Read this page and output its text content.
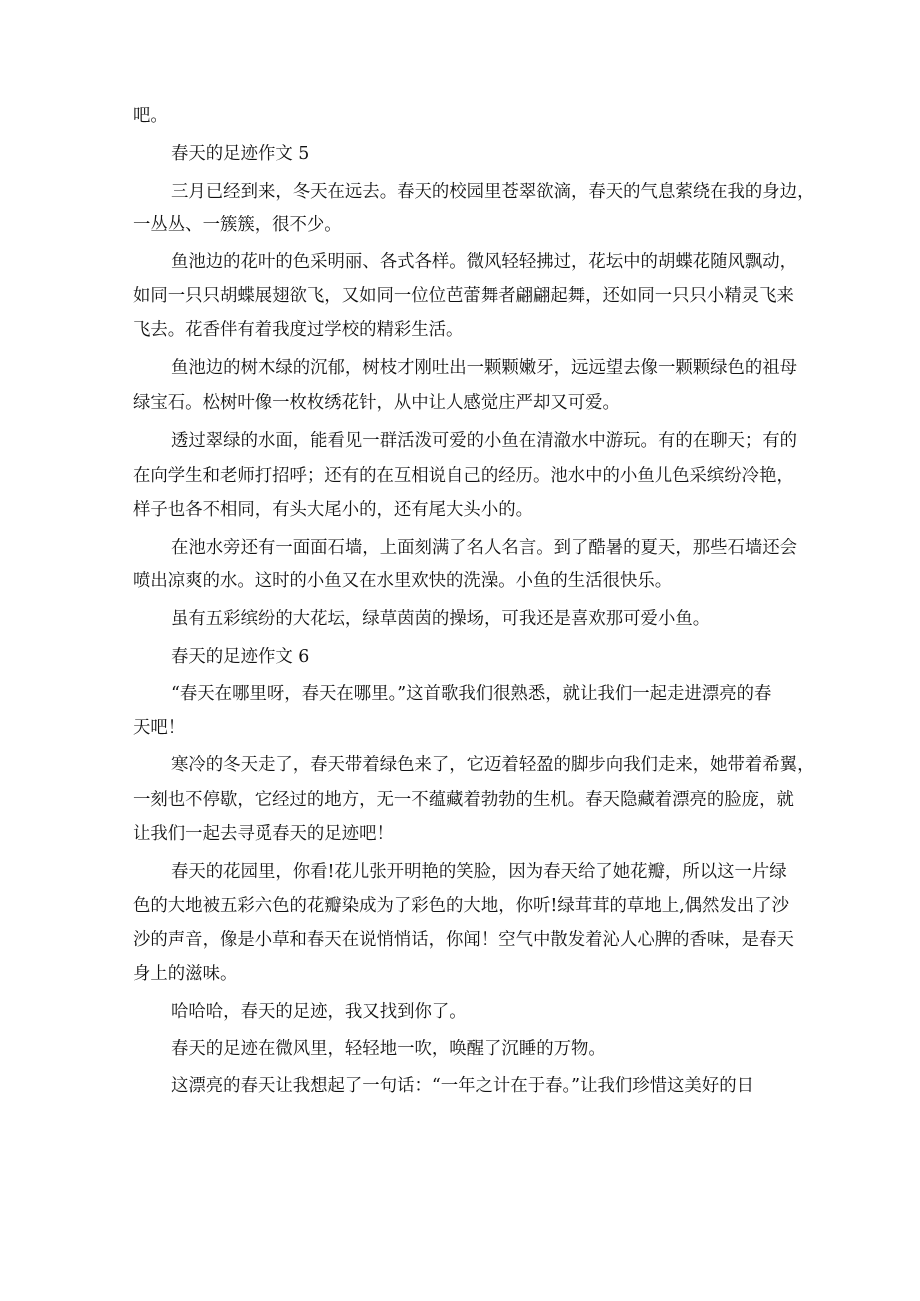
吧。
春天的足迹作文 5
三月已经到来，冬天在远去。春天的校园里苍翠欲滴，春天的气息萦绕在我的身边，
一丛丛、一簇簇，很不少。
鱼池边的花叶的色采明丽、各式各样。微风轻轻拂过，花坛中的胡蝶花随风飘动，
如同一只只胡蝶展翅欲飞，又如同一位位芭蕾舞者翩翩起舞，还如同一只只小精灵飞来
飞去。花香伴有着我度过学校的精彩生活。
鱼池边的树木绿的沉郁，树枝才刚吐出一颗颗嫩牙，远远望去像一颗颗绿色的祖母
绿宝石。松树叶像一枚枚绣花针，从中让人感觉庄严却又可爱。
透过翠绿的水面，能看见一群活泼可爱的小鱼在清澈水中游玩。有的在聊天；有的
在向学生和老师打招呼；还有的在互相说自己的经历。池水中的小鱼儿色采缤纷冷艳，
样子也各不相同，有头大尾小的，还有尾大头小的。
在池水旁还有一面面石墙，上面刻满了名人名言。到了酷暑的夏天，那些石墙还会
喷出凉爽的水。这时的小鱼又在水里欢快的洗澡。小鱼的生活很快乐。
虽有五彩缤纷的大花坛，绿草茵茵的操场，可我还是喜欢那可爱小鱼。
春天的足迹作文 6
“春天在哪里呀，春天在哪里。”这首歌我们很熟悉，就让我们一起走进漂亮的春
天吧！
寒冷的冬天走了，春天带着绿色来了，它迈着轻盈的脚步向我们走来，她带着希翼，
一刻也不停歇，它经过的地方，无一不蕴藏着勃勃的生机。春天隐藏着漂亮的脸庞，就
让我们一起去寻觅春天的足迹吧！
春天的花园里，你看!花儿张开明艳的笑脸，因为春天给了她花瓣，所以这一片绿
色的大地被五彩六色的花瓣染成为了彩色的大地，你听!绿茸茸的草地上,偶然发出了沙
沙的声音，像是小草和春天在说悄悄话，你闻！空气中散发着沁人心脾的香味，是春天
身上的滋味。
哈哈哈，春天的足迹，我又找到你了。
春天的足迹在微风里，轻轻地一吹，唤醒了沉睡的万物。
这漂亮的春天让我想起了一句话：“一年之计在于春。”让我们珍惜这美好的日
